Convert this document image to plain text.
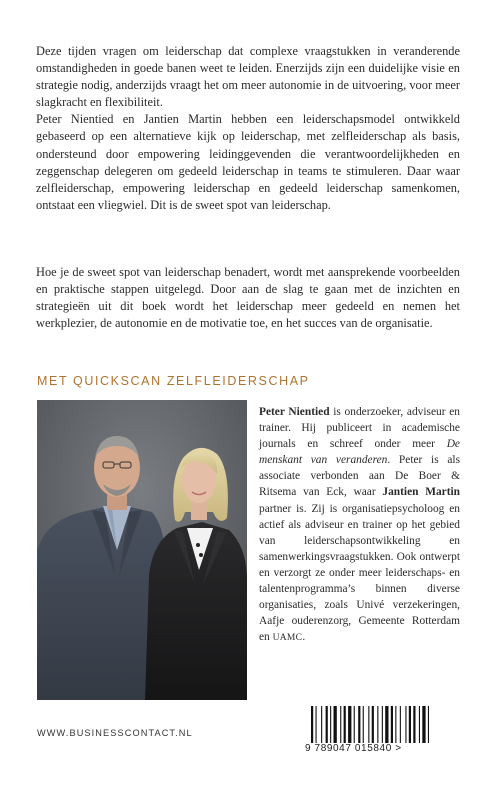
Deze tijden vragen om leiderschap dat complexe vraagstukken in veranderende omstandigheden in goede banen weet te leiden. Enerzijds zijn een duidelijke visie en strategie nodig, anderzijds vraagt het om meer autonomie in de uitvoering, voor meer slagkracht en flexibiliteit.
Peter Nientied en Jantien Martin hebben een leiderschapsmodel ontwikkeld gebaseerd op een alternatieve kijk op leiderschap, met zelfleiderschap als basis, ondersteund door empowering leidinggevenden die verantwoordelijkheden en zeggenschap delegeren om gedeeld leiderschap in teams te stimuleren. Daar waar zelfleiderschap, empowering leiderschap en gedeeld leiderschap samenkomen, ontstaat een vliegwiel. Dit is de sweet spot van leiderschap.

Hoe je de sweet spot van leiderschap benadert, wordt met aansprekende voorbeelden en praktische stappen uitgelegd. Door aan de slag te gaan met de inzichten en strategieën uit dit boek wordt het leiderschap meer gedeeld en nemen het werkplezier, de autonomie en de motivatie toe, en het succes van de organisatie.

MET QUICKSCAN ZELFLEIDERSCHAP

Peter Nientied is onderzoeker, adviseur en trainer. Hij publiceert in academische journals en schreef onder meer De menskant van veranderen. Peter is als associate verbonden aan De Boer & Ritsema van Eck, waar Jantien Martin partner is. Zij is organisatiepsycholoog en actief als adviseur en trainer op het gebied van leiderschapsontwikkeling en samenwerkingsvraagstukken. Ook ontwerpt en verzorgt ze onder meer leiderschaps- en talentenprogramma’s binnen diverse organisaties, zoals Univé verzekeringen, Aafje ouderenzorg, Gemeente Rotterdam en UAMC.

WWW.BUSINESSCONTACT.NL

9 789047 015840 >
